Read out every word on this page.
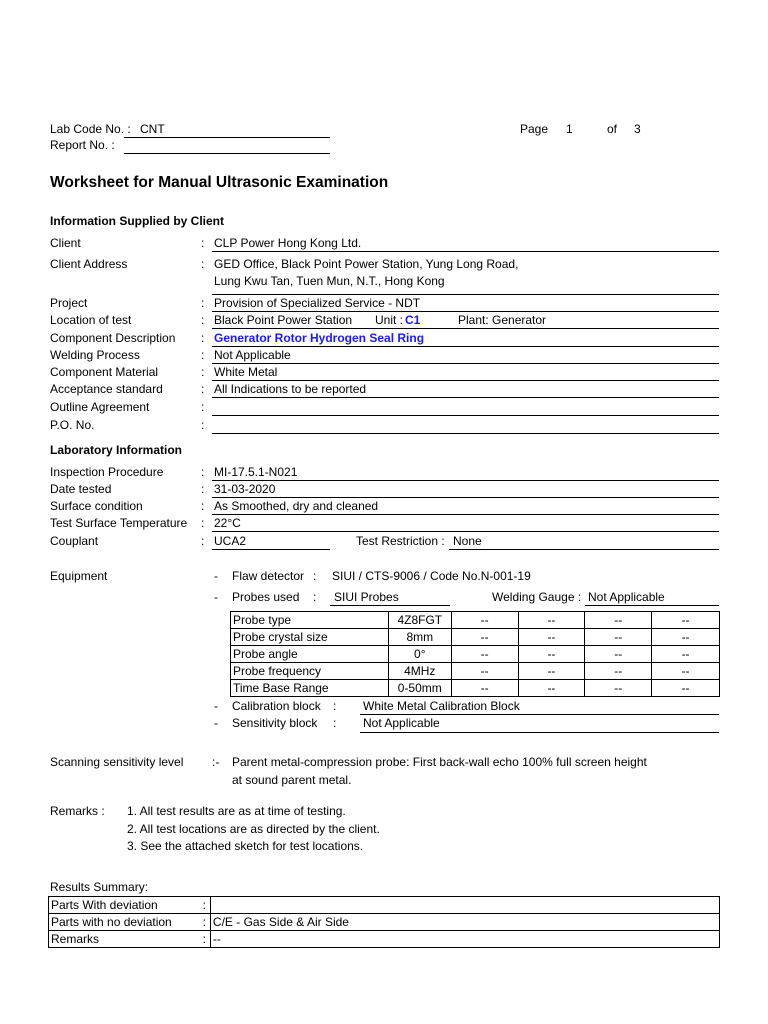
Lab Code No. : CNT
Report No. :
Page 1	of 3
Worksheet for Manual Ultrasonic Examination
Information Supplied by Client
Client	: CLP Power Hong Kong Ltd.
Client Address	: GED Office, Black Point Power Station, Yung Long Road,
Lung Kwu Tan, Tuen Mun, N.T., Hong Kong
Project	: Provision of Specialized Service - NDT
Location of test	: Black Point Power Station Unit : C1	Plant: Generator
Component Description : Generator Rotor Hydrogen Seal Ring
Welding Process	: Not Applicable
Component Material	: White Metal
Acceptance standard	: All Indications to be reported
Outline Agreement	:
P.O. No.	:
Laboratory Information
Inspection Procedure	: MI-17.5.1-N021
Date tested	: 31-03-2020
Surface condition	: As Smoothed, dry and cleaned
Test Surface Temperature : 22°C
Couplant	: UCA2	Test Restriction : None
Equipment	- Flaw detector : SIUI / CTS-9006 / Code No.N-001-19
- Probes used : SIUI Probes	Welding Gauge : Not Applicable
Probe type	4Z8FGT	--	--	--	--
Probe crystal size	8mm	--	--	--	--
Probe angle	0°	--	--	--	--
Probe frequency	4MHz	--	--	--	--
Time Base Range	0-50mm	--	--	--	--
- Calibration block : White Metal Calibration Block
- Sensitivity block : Not Applicable
Scanning sensitivity level :- Parent metal-compression probe: First back-wall echo 100% full screen height
at sound parent metal.
Remarks : 1. All test results are as at time of testing.
2. All test locations are as directed by the client.
3. See the attached sketch for test locations.
Results Summary:
Parts With deviation :	

Parts with no deviation :	C/E - Gas Side & Air Side
Remarks :	--
